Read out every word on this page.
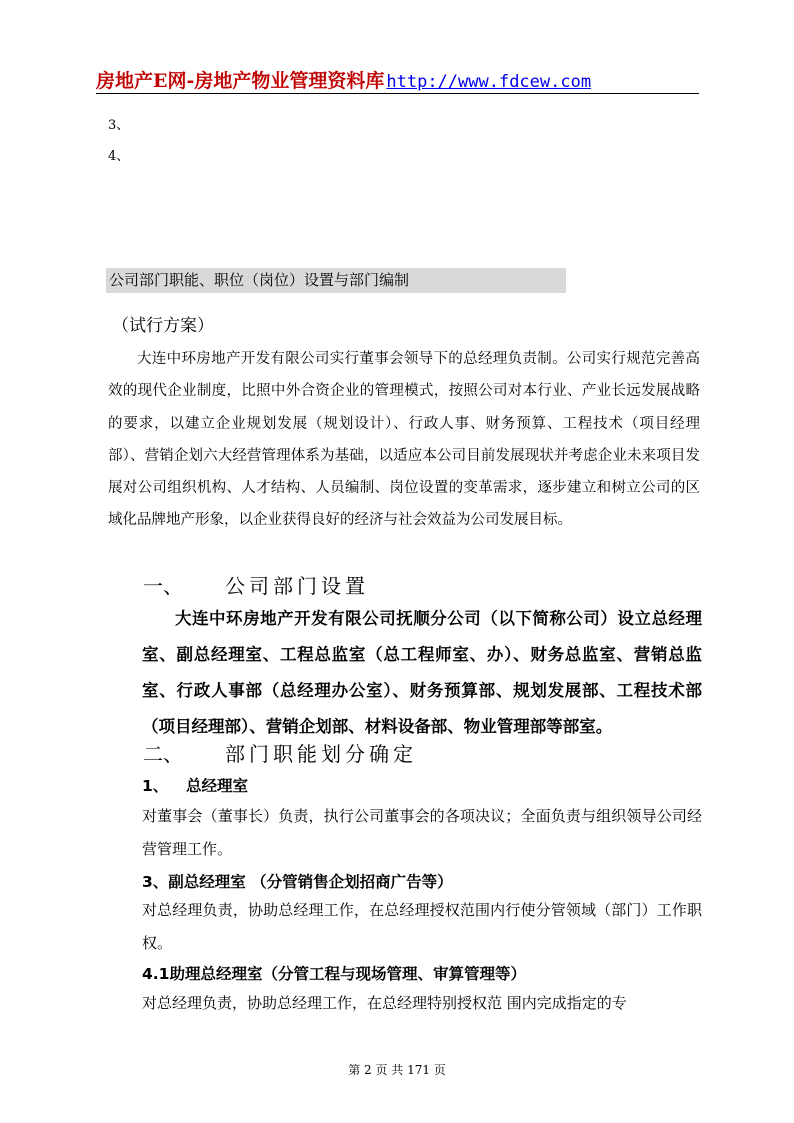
房地产E网-房地产物业管理资料库 http://www.fdcew.com
3、
4、
公司部门职能、职位（岗位）设置与部门编制
（试行方案）

大连中环房地产开发有限公司实行董事会领导下的总经理负责制。公司实行规范完善高效的现代企业制度，比照中外合资企业的管理模式，按照公司对本行业、产业长远发展战略的要求，以建立企业规划发展（规划设计）、行政人事、财务预算、工程技术（项目经理部）、营销企划六大经营管理体系为基础，以适应本公司目前发展现状并考虑企业未来项目发展对公司组织机构、人才结构、人员编制、岗位设置的变革需求，逐步建立和树立公司的区域化品牌地产形象，以企业获得良好的经济与社会效益为公司发展目标。

一、 公司部门设置

大连中环房地产开发有限公司抚顺分公司（以下简称公司）设立总经理室、副总经理室、工程总监室（总工程师室、办）、财务总监室、营销总监室、行政人事部（总经理办公室）、财务预算部、规划发展部、工程技术部（项目经理部）、营销企划部、材料设备部、物业管理部等部室。

二、 部门职能划分确定
1、 总经理室

对董事会（董事长）负责，执行公司董事会的各项决议；全面负责与组织领导公司经营管理工作。

3、副总经理室 （分管销售企划招商广告等）

对总经理负责，协助总经理工作，在总经理授权范围内行使分管领域（部门）工作职权。

4.1助理总经理室（分管工程与现场管理、审算管理等）

对总经理负责，协助总经理工作，在总经理特别授权范 围内完成指定的专

第 2 页 共 171 页
